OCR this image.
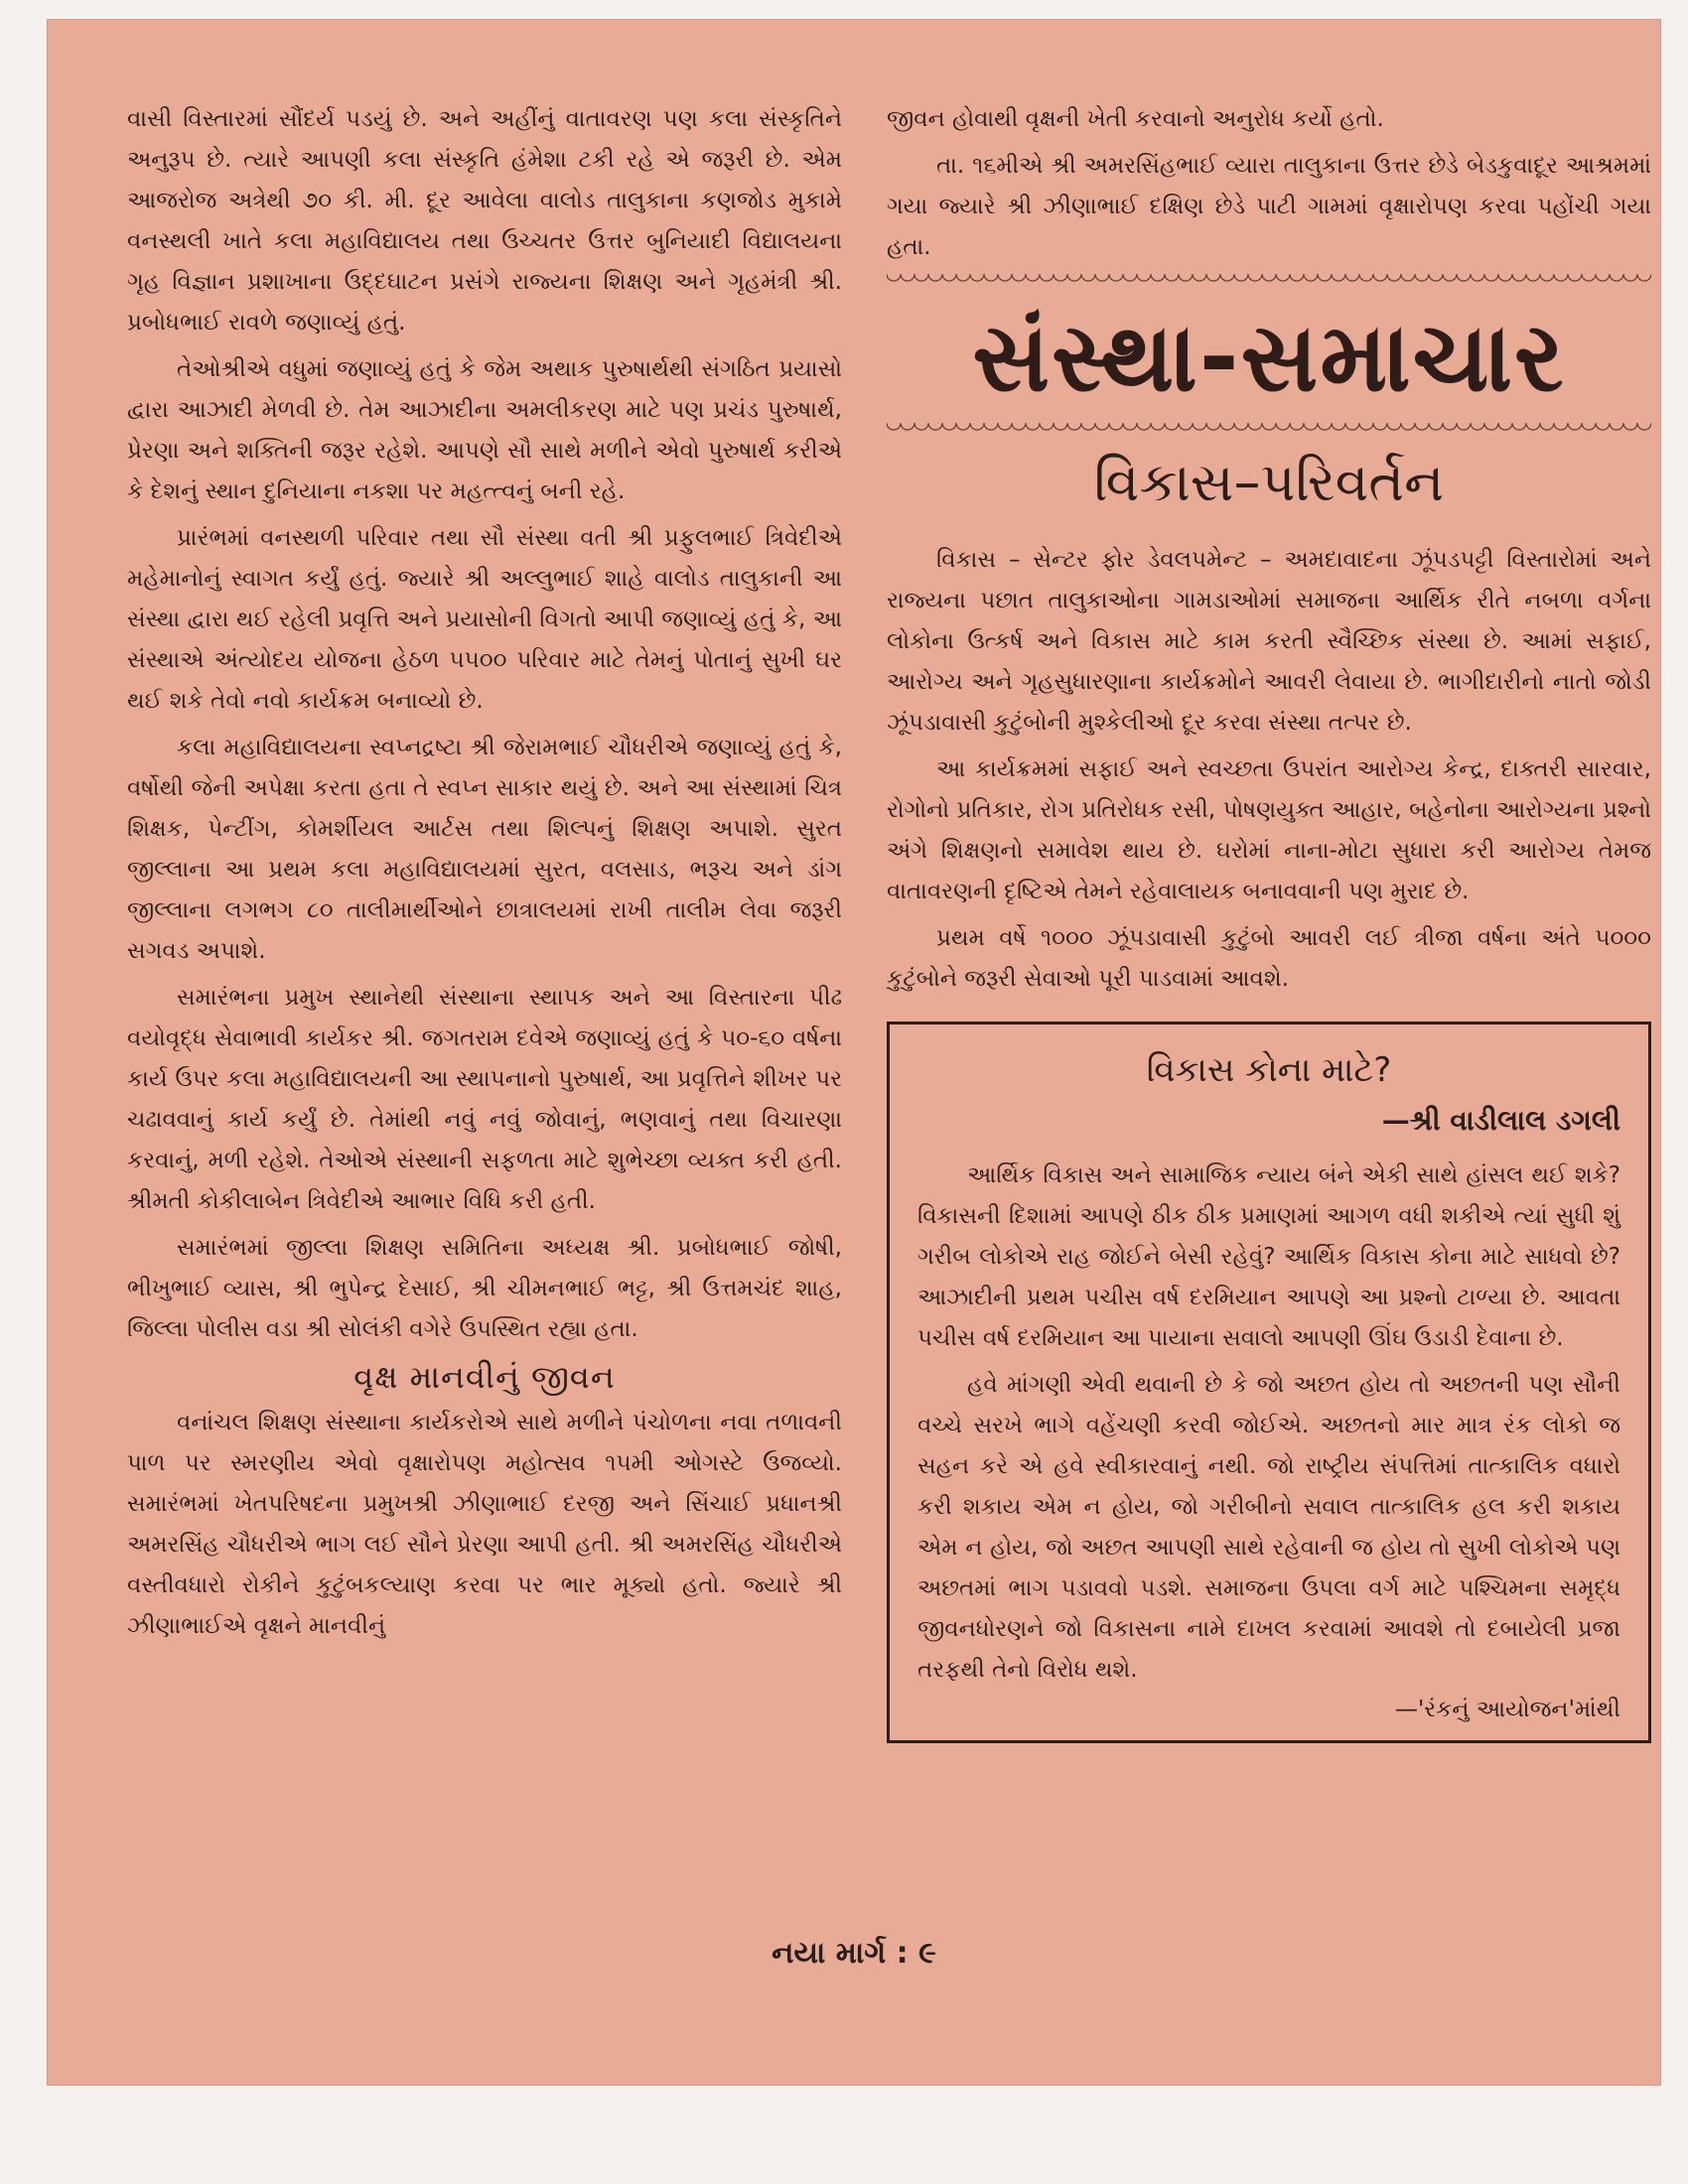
વાસી વિસ્તારમાં સૌંદર્ય પડયું છે. અને અહીંનું વાતાવરણ પણ કલા સંસ્કૃતિને અનુરૂપ છે. ત્યારે આપણી કલા સંસ્કૃતિ હંમેશા ટકી રહે એ જરૂરી છે. એમ આજરોજ અત્રેથી ૭૦ કી. મી. દૂર આવેલા વાલોડ તાલુકાના કણજોડ મુકામે વનસ્થલી ખાતે કલા મહાવિદ્યાલય તથા ઉચ્ચતર ઉત્તર બુનિયાદી વિદ્યાલયના ગૃહ વિજ્ઞાન પ્રશાખાના ઉદ્દઘાટન પ્રસંગે રાજ્યના શિક્ષણ અને ગૃહમંત્રી શ્રી. પ્રબોધભાઈ રાવળે જણાવ્યું હતું.

તેઓશ્રીએ વધુમાં જણાવ્યું હતું કે જેમ અથાક પુરુષાર્થથી સંગઠિત પ્રયાસો દ્વારા આઝાદી મેળવી છે. તેમ આઝાદીના અમલીકરણ માટે પણ પ્રચંડ પુરુષાર્થ, પ્રેરણા અને શક્તિની જરૂર રહેશે. આપણે સૌ સાથે મળીને એવો પુરુષાર્થ કરીએ કે દેશનું સ્થાન દુનિયાના નકશા પર મહત્ત્વનું બની રહે.

પ્રારંભમાં વનસ્થળી પરિવાર તથા સૌ સંસ્થા વતી શ્રી પ્રફુલભાઈ ત્રિવેદીએ મહેમાનોનું સ્વાગત કર્યું હતું. જ્યારે શ્રી અલ્લુભાઈ શાહે વાલોડ તાલુકાની આ સંસ્થા દ્વારા થઈ રહેલી પ્રવૃત્તિ અને પ્રયાસોની વિગતો આપી જણાવ્યું હતું કે, આ સંસ્થાએ અંત્યોદય યોજના હેઠળ ૫૫૦૦ પરિવાર માટે તેમનું પોતાનું સુખી ઘર થઈ શકે તેવો નવો કાર્યક્રમ બનાવ્યો છે.

કલા મહાવિદ્યાલયના સ્વપ્નદ્રષ્ટા શ્રી જેરામભાઈ ચૌધરીએ જણાવ્યું હતું કે, વર્ષોથી જેની અપેક્ષા કરતા હતા તે સ્વપ્ન સાકાર થયું છે. અને આ સંસ્થામાં ચિત્ર શિક્ષક, પેન્ટીંગ, કોમર્શીયલ આર્ટસ તથા શિલ્પનું શિક્ષણ અપાશે. સુરત જીલ્લાના આ પ્રથમ કલા મહાવિદ્યાલયમાં સુરત, વલસાડ, ભરૂચ અને ડાંગ જીલ્લાના લગભગ ૮૦ તાલીમાર્થીઓને છાત્રાલયમાં રાખી તાલીમ લેવા જરૂરી સગવડ અપાશે.

સમારંભના પ્રમુખ સ્થાનેથી સંસ્થાના સ્થાપક અને આ વિસ્તારના પીઢ વયોવૃદ્ધ સેવાભાવી કાર્યકર શ્રી. જગતરામ દવેએ જણાવ્યું હતું કે ૫૦-૬૦ વર્ષના કાર્ય ઉપર કલા મહાવિદ્યાલયની આ સ્થાપનાનો પુરુષાર્થ, આ પ્રવૃત્તિને શીખર પર ચઢાવવાનું કાર્ય કર્યું છે. તેમાંથી નવું નવું જોવાનું, ભણવાનું તથા વિચારણા કરવાનું, મળી રહેશે. તેઓએ સંસ્થાની સફળતા માટે શુભેચ્છા વ્યક્ત કરી હતી. શ્રીમતી કોકીલાબેન ત્રિવેદીએ આભાર વિધિ કરી હતી.

સમારંભમાં જીલ્લા શિક્ષણ સમિતિના અધ્યક્ષ શ્રી. પ્રબોધભાઈ જોષી, ભીખુભાઈ વ્યાસ, શ્રી ભુપેન્દ્ર દેસાઈ, શ્રી ચીમનભાઈ ભટ્ટ, શ્રી ઉત્તમચંદ શાહ, જિલ્લા પોલીસ વડા શ્રી સોલંકી વગેરે ઉપસ્થિત રહ્યા હતા.

વૃક્ષ માનવીનું જીવન

વનાંચલ શિક્ષણ સંસ્થાના કાર્યકરોએ સાથે મળીને પંચોળના નવા તળાવની પાળ પર સ્મરણીય એવો વૃક્ષારોપણ મહોત્સવ ૧૫મી ઓગસ્ટે ઉજવ્યો. સમારંભમાં ખેતપરિષદના પ્રમુખશ્રી ઝીણાભાઈ દરજી અને સિંચાઈ પ્રધાનશ્રી અમરસિંહ ચૌધરીએ ભાગ લઈ સૌને પ્રેરણા આપી હતી. શ્રી અમરસિંહ ચૌધરીએ વસ્તીવધારો રોકીને કુટુંબકલ્યાણ કરવા પર ભાર મૂક્યો હતો. જ્યારે શ્રી ઝીણાભાઈએ વૃક્ષને માનવીનું

જીવન હોવાથી વૃક્ષની ખેતી કરવાનો અનુરોધ કર્યો હતો.

તા. ૧૬મીએ શ્રી અમરસિંહભાઈ વ્યારા તાલુકાના ઉત્તર છેડે બેડકુવાદૂર આશ્રમમાં ગયા જ્યારે શ્રી ઝીણાભાઈ દક્ષિણ છેડે પાટી ગામમાં વૃક્ષારોપણ કરવા પહોંચી ગયા હતા.

સંસ્થા-સમાચાર
વિકાસ–પરિવર્તન

વિકાસ – સેન્ટર ફોર ડેવલપમેન્ટ – અમદાવાદના ઝૂંપડપટ્ટી વિસ્તારોમાં અને રાજ્યના પછાત તાલુકાઓના ગામડાઓમાં સમાજના આર્થિક રીતે નબળા વર્ગના લોકોના ઉત્કર્ષ અને વિકાસ માટે કામ કરતી સ્વૈચ્છિક સંસ્થા છે. આમાં સફાઈ, આરોગ્ય અને ગૃહસુધારણાના કાર્યક્રમોને આવરી લેવાયા છે. ભાગીદારીનો નાતો જોડી ઝૂંપડાવાસી કુટુંબોની મુશ્કેલીઓ દૂર કરવા સંસ્થા તત્પર છે.

આ કાર્યક્રમમાં સફાઈ અને સ્વચ્છતા ઉપરાંત આરોગ્ય કેન્દ્ર, દાક્તરી સારવાર, રોગોનો પ્રતિકાર, રોગ પ્રતિરોધક રસી, પોષણયુક્ત આહાર, બહેનોના આરોગ્યના પ્રશ્નો અંગે શિક્ષણનો સમાવેશ થાય છે. ઘરોમાં નાના-મોટા સુધારા કરી આરોગ્ય તેમજ વાતાવરણની દૃષ્ટિએ તેમને રહેવાલાયક બનાવવાની પણ મુરાદ છે.

પ્રથમ વર્ષે ૧૦૦૦ ઝૂંપડાવાસી કુટુંબો આવરી લઈ ત્રીજા વર્ષના અંતે ૫૦૦૦ કુટુંબોને જરૂરી સેવાઓ પૂરી પાડવામાં આવશે.

વિકાસ કોના માટે?
—શ્રી વાડીલાલ ડગલી

આર્થિક વિકાસ અને સામાજિક ન્યાય બંને એકી સાથે હાંસલ થઈ શકે? વિકાસની દિશામાં આપણે ઠીક ઠીક પ્રમાણમાં આગળ વધી શકીએ ત્યાં સુધી શું ગરીબ લોકોએ રાહ જોઈને બેસી રહેવું? આર્થિક વિકાસ કોના માટે સાધવો છે? આઝાદીની પ્રથમ પચીસ વર્ષ દરમિયાન આપણે આ પ્રશ્નો ટાળ્યા છે. આવતા પચીસ વર્ષ દરમિયાન આ પાયાના સવાલો આપણી ઊંઘ ઉડાડી દેવાના છે.

હવે માંગણી એવી થવાની છે કે જો અછત હોય તો અછતની પણ સૌની વચ્ચે સરખે ભાગે વહેંચણી કરવી જોઈએ. અછતનો માર માત્ર રંક લોકો જ સહન કરે એ હવે સ્વીકારવાનું નથી. જો રાષ્ટ્રીય સંપત્તિમાં તાત્કાલિક વધારો કરી શકાય એમ ન હોય, જો ગરીબીનો સવાલ તાત્કાલિક હલ કરી શકાય એમ ન હોય, જો અછત આપણી સાથે રહેવાની જ હોય તો સુખી લોકોએ પણ અછતમાં ભાગ પડાવવો પડશે. સમાજના ઉપલા વર્ગ માટે પશ્ચિમના સમૃદ્ધ જીવનધોરણને જો વિકાસના નામે દાખલ કરવામાં આવશે તો દબાયેલી પ્રજા તરફથી તેનો વિરોધ થશે.

—'રંકનું આયોજન'માંથી
નયા માર્ગ : ૯
